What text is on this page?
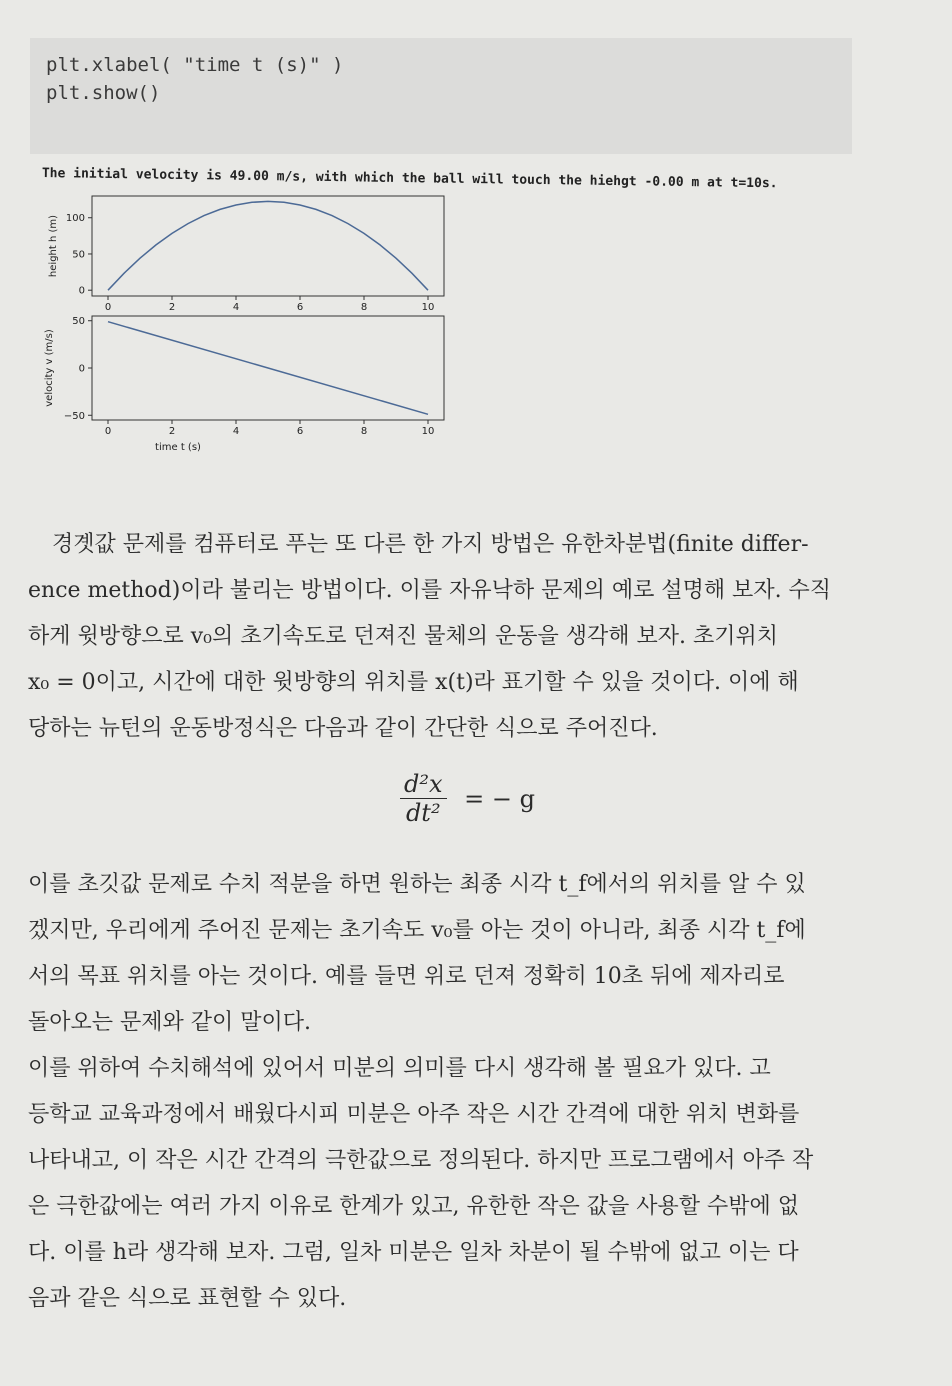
plt.xlabel( "time t (s)" )
plt.show()
The initial velocity is 49.00 m/s, with which the ball will touch the hiehgt -0.00 m at t=10s.
0	2	4	6	8	10
0
50
100
height h (m)
0	2	4	6	8	10
−50
0
50
velocity v (m/s)
time t (s)
경곗값 문제를 컴퓨터로 푸는 또 다른 한 가지 방법은 유한차분법(finite differ-
ence method)이라 불리는 방법이다. 이를 자유낙하 문제의 예로 설명해 보자. 수직
하게 윗방향으로 v₀의 초기속도로 던져진 물체의 운동을 생각해 보자. 초기위치
x₀ = 0이고, 시간에 대한 윗방향의 위치를 x(t)라 표기할 수 있을 것이다. 이에 해
당하는 뉴턴의 운동방정식은 다음과 같이 간단한 식으로 주어진다.
$\frac{\text{d²x}}{\text{dt²}}$ = − g
이를 초깃값 문제로 수치 적분을 하면 원하는 최종 시각 t_f에서의 위치를 알 수 있
겠지만, 우리에게 주어진 문제는 초기속도 v₀를 아는 것이 아니라, 최종 시각 t_f에
서의 목표 위치를 아는 것이다. 예를 들면 위로 던져 정확히 10초 뒤에 제자리로
돌아오는 문제와 같이 말이다.
이를 위하여 수치해석에 있어서 미분의 의미를 다시 생각해 볼 필요가 있다. 고
등학교 교육과정에서 배웠다시피 미분은 아주 작은 시간 간격에 대한 위치 변화를
나타내고, 이 작은 시간 간격의 극한값으로 정의된다. 하지만 프로그램에서 아주 작
은 극한값에는 여러 가지 이유로 한계가 있고, 유한한 작은 값을 사용할 수밖에 없
다. 이를 h라 생각해 보자. 그럼, 일차 미분은 일차 차분이 될 수밖에 없고 이는 다
음과 같은 식으로 표현할 수 있다.
